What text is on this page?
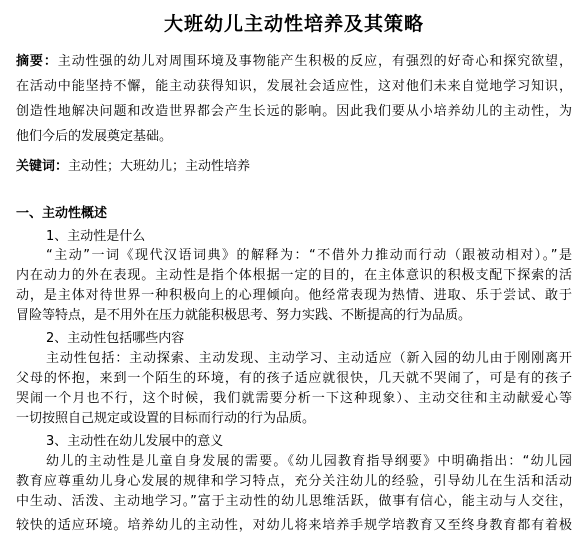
大班幼儿主动性培养及其策略
摘要：主动性强的幼儿对周围环境及事物能产生积极的反应，有强烈的好奇心和探究欲望，
在活动中能坚持不懈，能主动获得知识，发展社会适应性，这对他们未来自觉地学习知识，
创造性地解决问题和改造世界都会产生长远的影响。因此我们要从小培养幼儿的主动性，为
他们今后的发展奠定基础。
关键词：主动性；大班幼儿；主动性培养
一、主动性概述
1、主动性是什么
“主动”一词《现代汉语词典》的解释为：“不借外力推动而行动（跟被动相对）。”是
内在动力的外在表现。主动性是指个体根据一定的目的，在主体意识的积极支配下探索的活
动，是主体对待世界一种积极向上的心理倾向。他经常表现为热情、进取、乐于尝试、敢于
冒险等特点，是不用外在压力就能积极思考、努力实践、不断提高的行为品质。
2、主动性包括哪些内容
主动性包括：主动探索、主动发现、主动学习、主动适应（新入园的幼儿由于刚刚离开
父母的怀抱，来到一个陌生的环境，有的孩子适应就很快，几天就不哭闹了，可是有的孩子
哭闹一个月也不行，这个时候，我们就需要分析一下这种现象）、主动交往和主动献爱心等
一切按照自己规定或设置的目标而行动的行为品质。
3、主动性在幼儿发展中的意义
幼儿的主动性是儿童自身发展的需要。《幼儿园教育指导纲要》中明确指出：“幼儿园
教育应尊重幼儿身心发展的规律和学习特点，充分关注幼儿的经验，引导幼儿在生活和活动
中生动、活泼、主动地学习。”富于主动性的幼儿思维活跃，做事有信心，能主动与人交往，
较快的适应环境。培养幼儿的主动性，对幼儿将来培养手规学培教育又至终身教育都有着极
